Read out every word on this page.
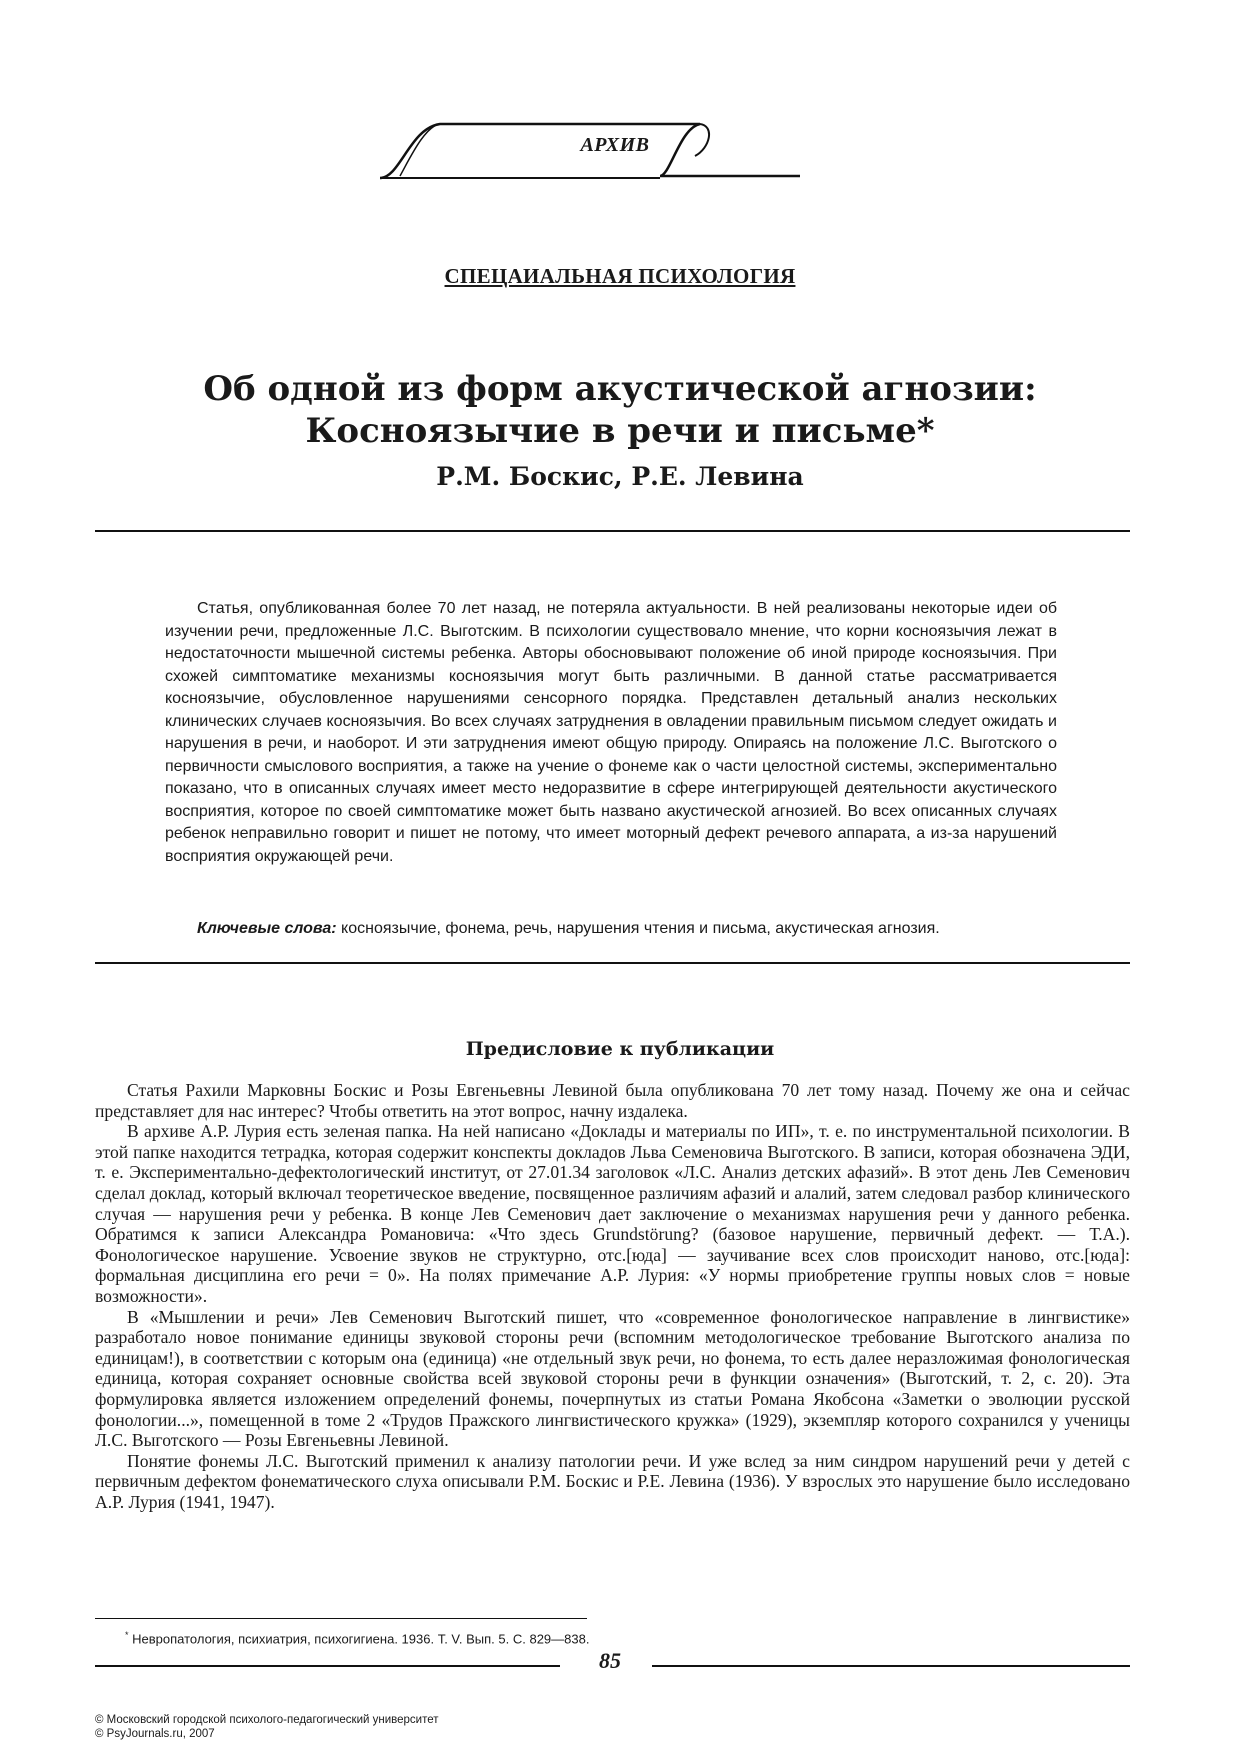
АРХИВ
СПЕЦАИАЛЬНАЯ ПСИХОЛОГИЯ
Об одной из форм акустической агнозии:
Косноязычие в речи и письме*
Р.М. Боскис, Р.Е. Левина

Статья, опубликованная более 70 лет назад, не потеряла актуальности. В ней реализованы некоторые идеи об изучении речи, предложенные Л.С. Выготским. В психологии существовало мнение, что корни косноязычия лежат в недостаточности мышечной системы ребенка. Авторы обосновывают положение об иной природе косноязычия. При схожей симптоматике механизмы косноязычия могут быть различными. В данной статье рассматривается косноязычие, обусловленное нарушениями сенсорного порядка. Представлен детальный анализ нескольких клинических случаев косноязычия. Во всех случаях затруднения в овладении правильным письмом следует ожидать и нарушения в речи, и наоборот. И эти затруднения имеют общую природу. Опираясь на положение Л.С. Выготского о первичности смыслового восприятия, а также на учение о фонеме как о части целостной системы, экспериментально показано, что в описанных случаях имеет место недоразвитие в сфере интегрирующей деятельности акустического восприятия, которое по своей симптоматике может быть названо акустической агнозией. Во всех описанных случаях ребенок неправильно говорит и пишет не потому, что имеет моторный дефект речевого аппарата, а из-за нарушений восприятия окружающей речи.

Ключевые слова: косноязычие, фонема, речь, нарушения чтения и письма, акустическая агнозия.

Предисловие к публикации

Статья Рахили Марковны Боскис и Розы Евгеньевны Левиной была опубликована 70 лет тому назад. Почему же она и сейчас представляет для нас интерес? Чтобы ответить на этот вопрос, начну издалека.

В архиве А.Р. Лурия есть зеленая папка. На ней написано «Доклады и материалы по ИП», т. е. по инструментальной психологии. В этой папке находится тетрадка, которая содержит конспекты докладов Льва Семеновича Выготского. В записи, которая обозначена ЭДИ, т. е. Экспериментально-дефектологический институт, от 27.01.34 заголовок «Л.С. Анализ детских афазий». В этот день Лев Семенович сделал доклад, который включал теоретическое введение, посвященное различиям афазий и алалий, затем следовал разбор клинического случая — нарушения речи у ребенка. В конце Лев Семенович дает заключение о механизмах нарушения речи у данного ребенка. Обратимся к записи Александра Романовича: «Что здесь Grundstörung? (базовое нарушение, первичный дефект. — Т.А.). Фонологическое нарушение. Усвоение звуков не структурно, отс.[юда] — заучивание всех слов происходит наново, отс.[юда]: формальная дисциплина его речи = 0». На полях примечание А.Р. Лурия: «У нормы приобретение группы новых слов = новые возможности».

В «Мышлении и речи» Лев Семенович Выготский пишет, что «современное фонологическое направление в лингвистике» разработало новое понимание единицы звуковой стороны речи (вспомним методологическое требование Выготского анализа по единицам!), в соответствии с которым она (единица) «не отдельный звук речи, но фонема, то есть далее неразложимая фонологическая единица, которая сохраняет основные свойства всей звуковой стороны речи в функции означения» (Выготский, т. 2, с. 20). Эта формулировка является изложением определений фонемы, почерпнутых из статьи Романа Якобсона «Заметки о эволюции русской фонологии...», помещенной в томе 2 «Трудов Пражского лингвистического кружка» (1929), экземпляр которого сохранился у ученицы Л.С. Выготского — Розы Евгеньевны Левиной.

Понятие фонемы Л.С. Выготский применил к анализу патологии речи. И уже вслед за ним синдром нарушений речи у детей с первичным дефектом фонематического слуха описывали Р.М. Боскис и Р.Е. Левина (1936). У взрослых это нарушение было исследовано А.Р. Лурия (1941, 1947).

* Невропатология, психиатрия, психогигиена. 1936. Т. V. Вып. 5. С. 829—838.
85
© Московский городской психолого-педагогический университет
© PsyJournals.ru, 2007
